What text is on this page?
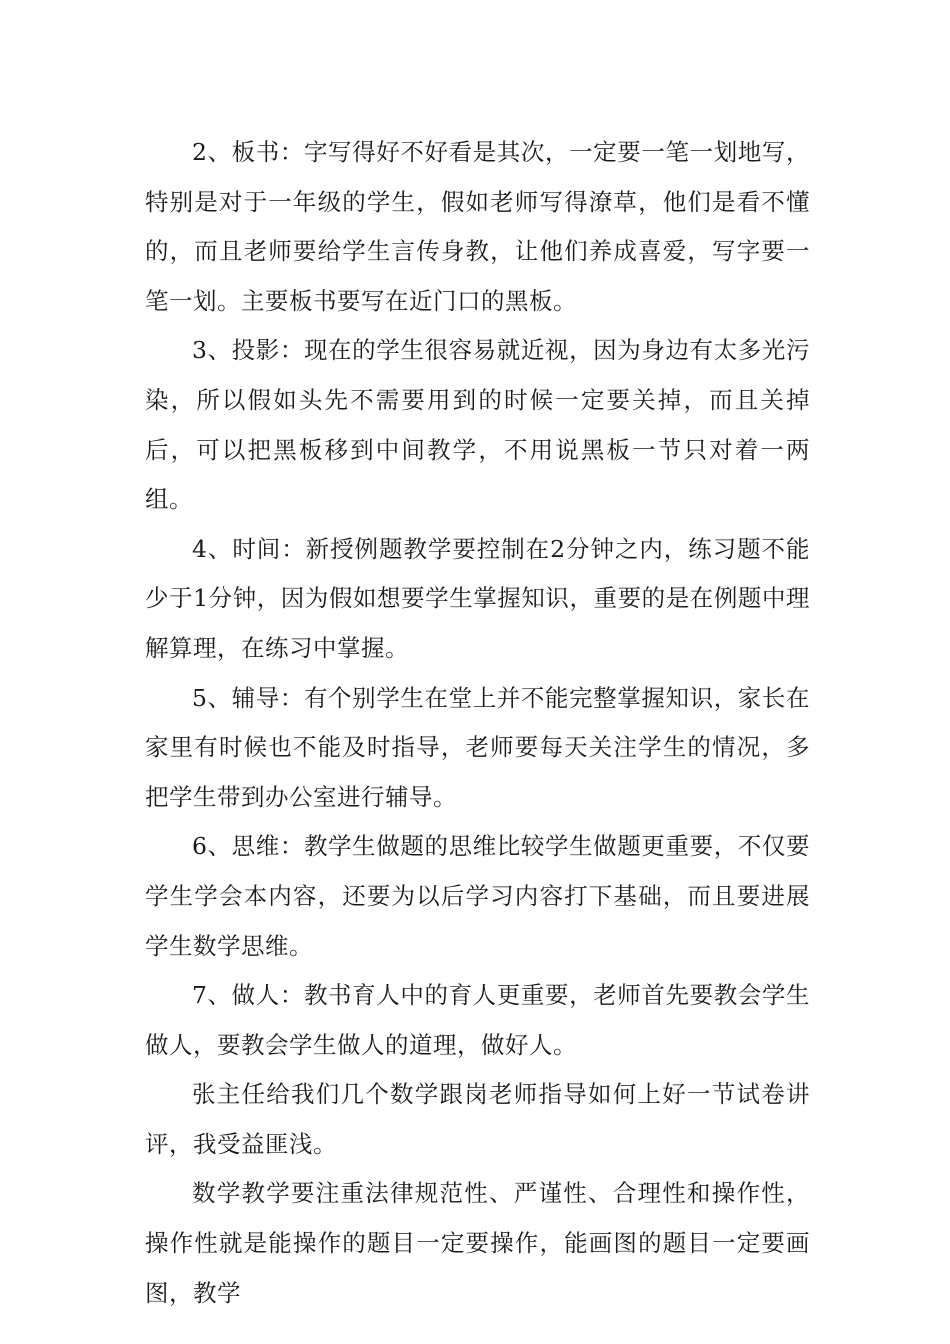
2、板书：字写得好不好看是其次，一定要一笔一划地写，特别是对于一年级的学生，假如老师写得潦草，他们是看不懂的，而且老师要给学生言传身教，让他们养成喜爱，写字要一笔一划。主要板书要写在近门口的黑板。

3、投影：现在的学生很容易就近视，因为身边有太多光污染，所以假如头先不需要用到的时候一定要关掉，而且关掉后，可以把黑板移到中间教学，不用说黑板一节只对着一两组。

4、时间：新授例题教学要控制在2分钟之内，练习题不能少于1分钟，因为假如想要学生掌握知识，重要的是在例题中理解算理，在练习中掌握。

5、辅导：有个别学生在堂上并不能完整掌握知识，家长在家里有时候也不能及时指导，老师要每天关注学生的情况，多把学生带到办公室进行辅导。

6、思维：教学生做题的思维比较学生做题更重要，不仅要学生学会本内容，还要为以后学习内容打下基础，而且要进展学生数学思维。

7、做人：教书育人中的育人更重要，老师首先要教会学生做人，要教会学生做人的道理，做好人。

张主任给我们几个数学跟岗老师指导如何上好一节试卷讲评，我受益匪浅。

数学教学要注重法律规范性、严谨性、合理性和操作性，操作性就是能操作的题目一定要操作，能画图的题目一定要画图，教学
